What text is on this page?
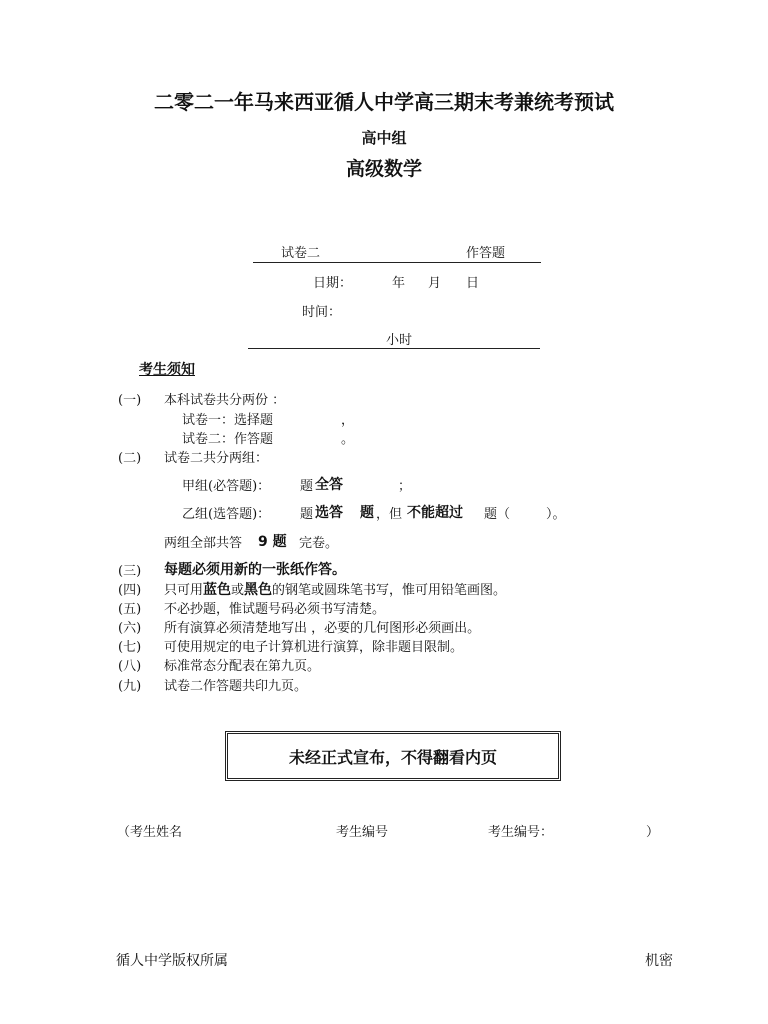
二零二一年马来西亚循人中学高三期末考兼统考预试
高中组
高级数学
试卷二	作答题
日期：	年 月 日
时间：
小时
考生须知
(一) 本科试卷共分两份 ：
试卷一：选择题	，
试卷二：作答题	。
(二) 试卷二共分两组：
甲组(必答题)： 题 全答	；
乙组(选答题)： 题 选答 题 ，但 不能超过 题（	）。
两组全部共答 9 题 完卷。
(三) 每题必须用新的一张纸作答。
(四) 只可用蓝色或黑色的钢笔或圆珠笔书写，惟可用铅笔画图。
(五) 不必抄题，惟试题号码必须书写清楚。
(六) 所有演算必须清楚地写出 ，必要的几何图形必须画出。
(七) 可使用规定的电子计算机进行演算，除非题目限制。
(八) 标准常态分配表在第九页。
(九) 试卷二作答题共印九页。
未经正式宣布，不得翻看内页
（考生姓名	考生编号	考生编号：	）
循人中学版权所属	机密
